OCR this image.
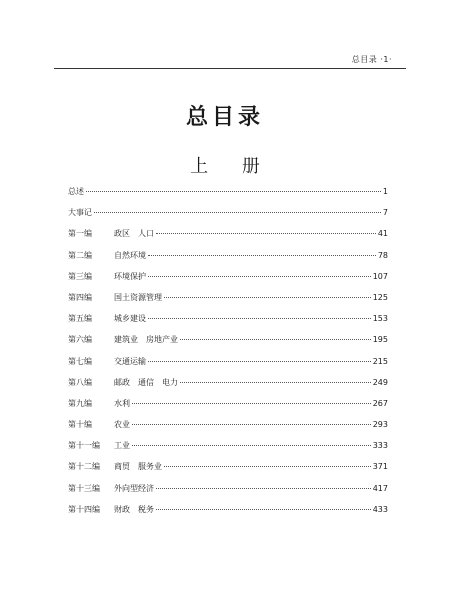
总目录 ·1·
总目录
上 册
总述	1
大事记	7
第一编	政区　人口	41
第二编	自然环境	78
第三编	环境保护	107
第四编	国土资源管理	125
第五编	城乡建设	153
第六编	建筑业　房地产业	195
第七编	交通运输	215
第八编	邮政　通信　电力	249
第九编	水利	267
第十编	农业	293
第十一编	工业	333
第十二编	商贸　服务业	371
第十三编	外向型经济	417
第十四编	财政　税务	433
